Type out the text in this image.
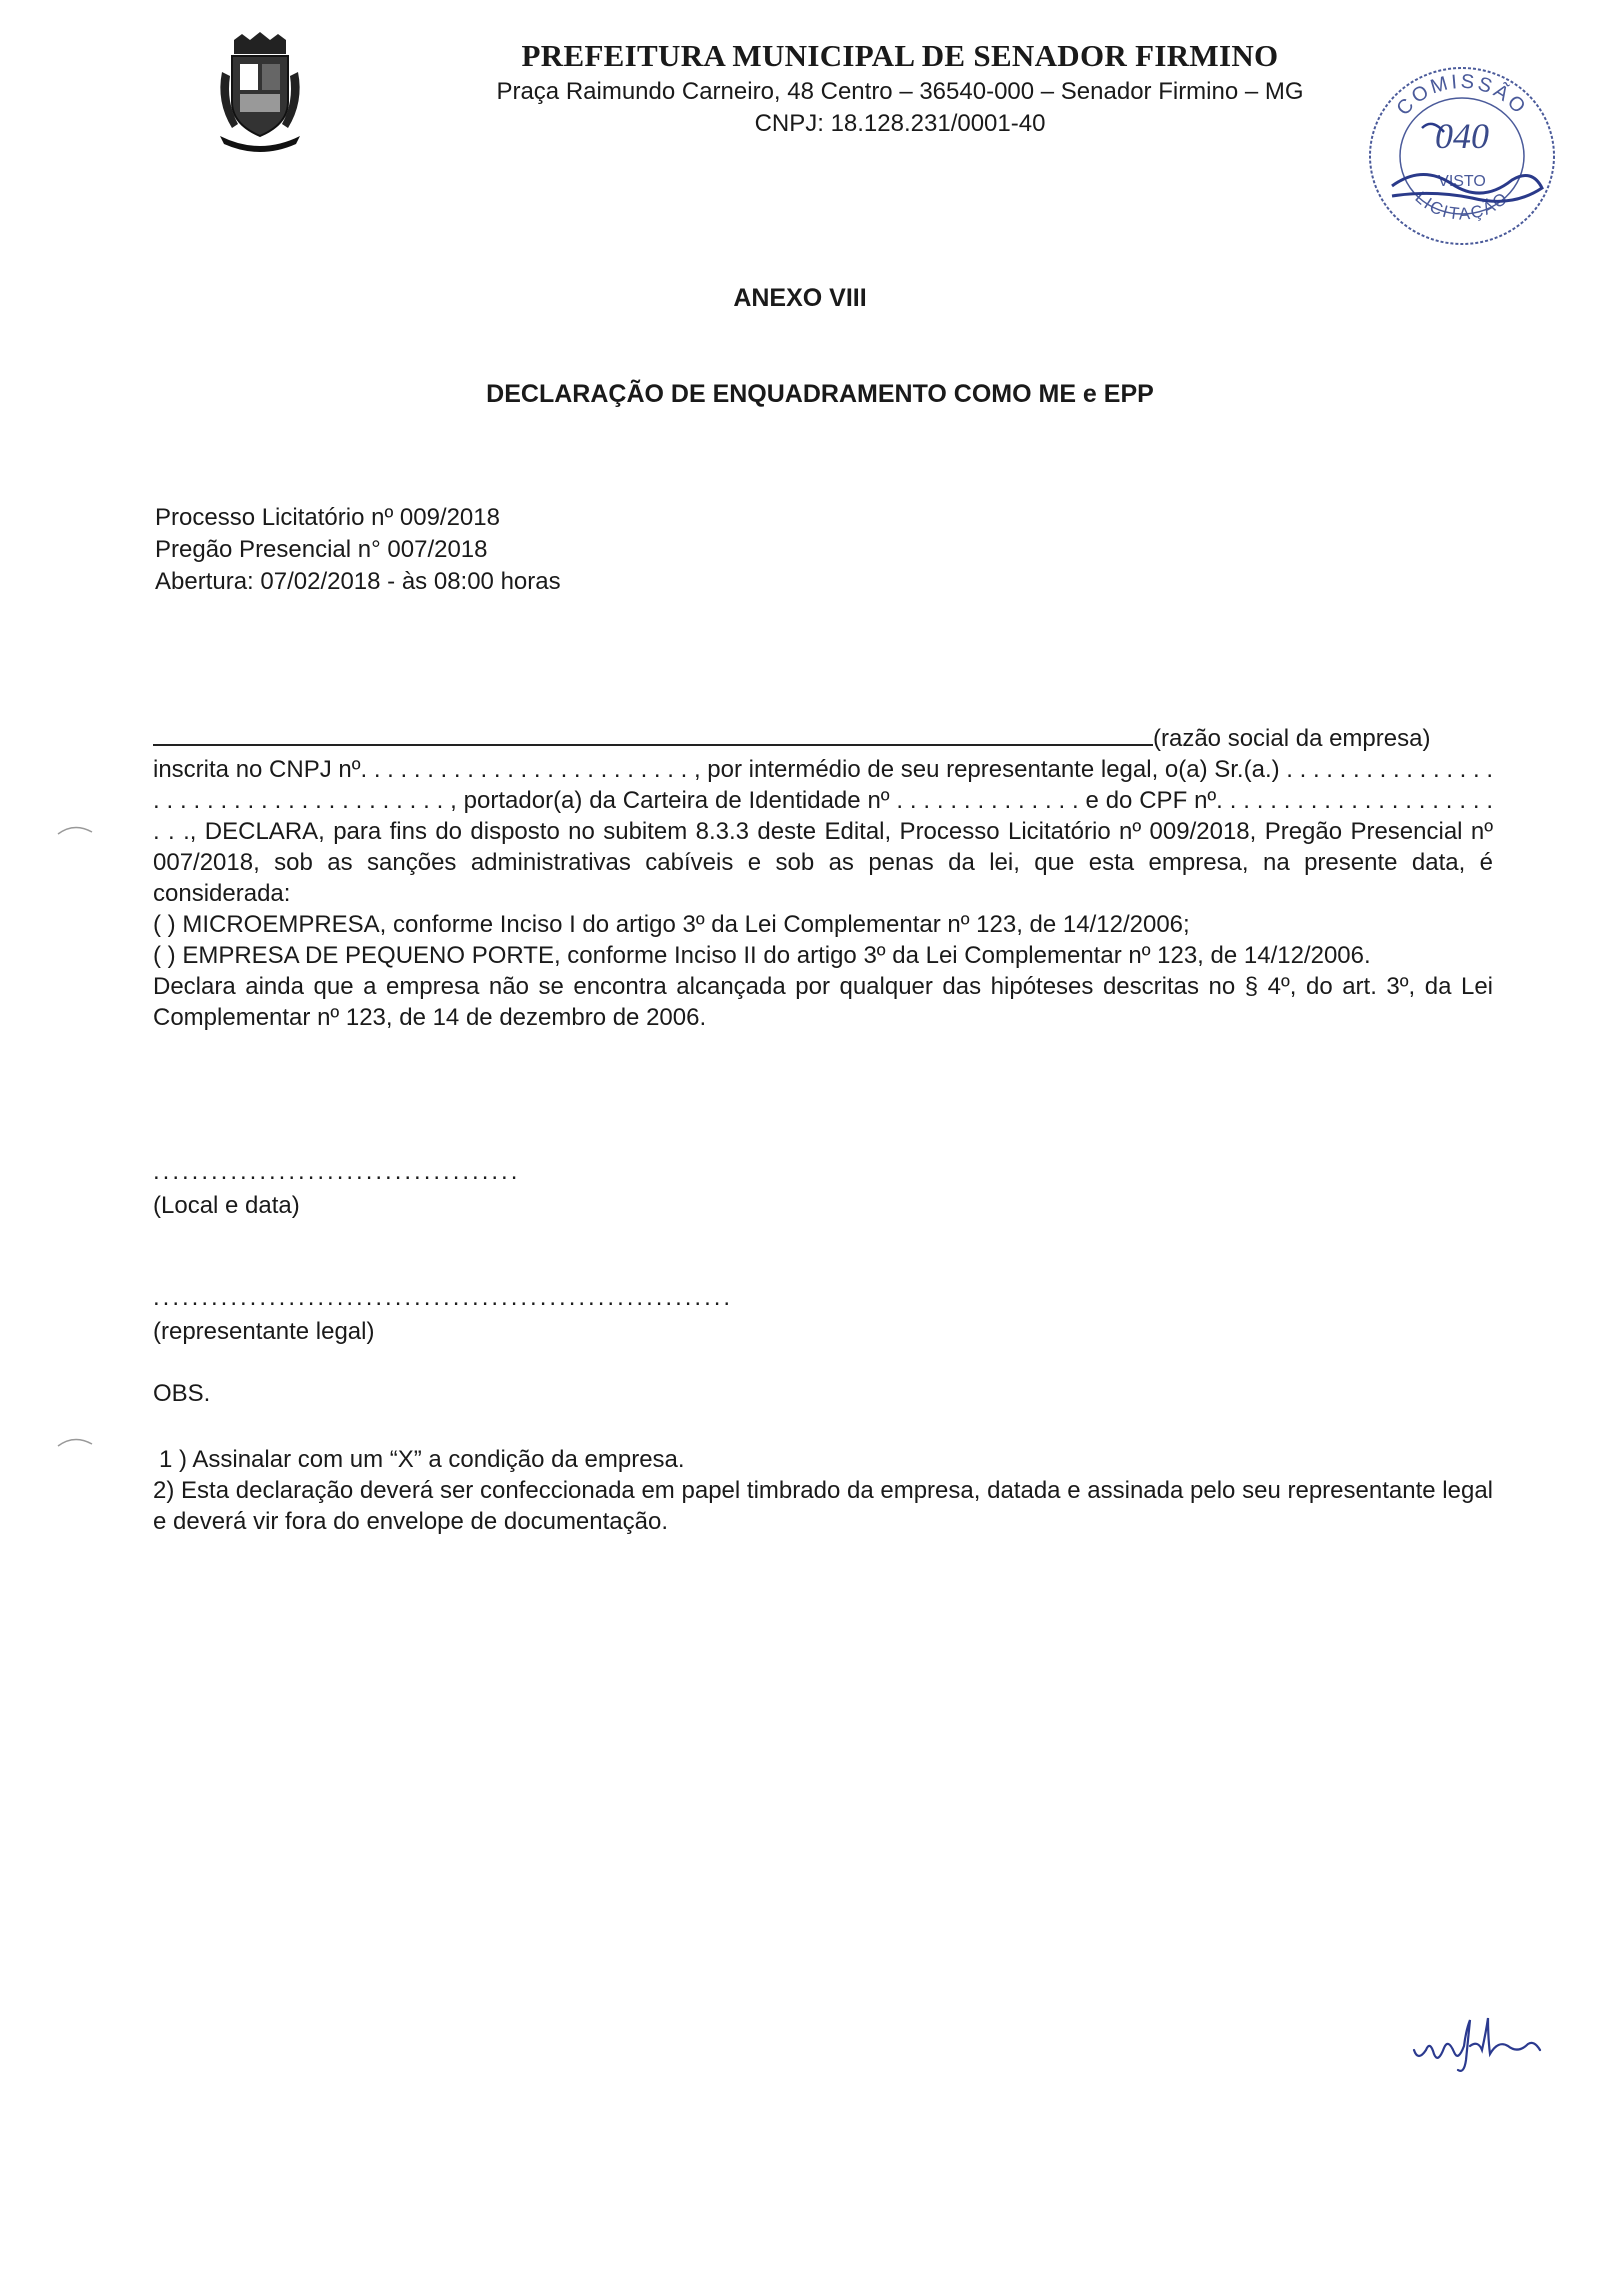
PREFEITURA MUNICIPAL DE SENADOR FIRMINO
Praça Raimundo Carneiro, 48 Centro – 36540-000 – Senador Firmino – MG
CNPJ: 18.128.231/0001-40
COMISSÃO
LICITAÇÃO
040
VISTO
ANEXO VIII
DECLARAÇÃO DE ENQUADRAMENTO COMO ME e EPP
Processo Licitatório nº 009/2018
Pregão Presencial n° 007/2018
Abertura: 07/02/2018 - às 08:00 horas

(razão social da empresa)

inscrita no CNPJ nº. . . . . . . . . . . . . . . . . . . . . . . . . , por intermédio de seu representante legal, o(a) Sr.(a.) . . . . . . . . . . . . . . . . . . . . . . . . . . . . . . . . . . . . . . , portador(a) da Carteira de Identidade nº . . . . . . . . . . . . . . e do CPF nº. . . . . . . . . . . . . . . . . . . . . . . ., DECLARA, para fins do disposto no subitem 8.3.3 deste Edital, Processo Licitatório nº 009/2018, Pregão Presencial nº 007/2018, sob as sanções administrativas cabíveis e sob as penas da lei, que esta empresa, na presente data, é considerada:

( ) MICROEMPRESA, conforme Inciso I do artigo 3º da Lei Complementar nº 123, de 14/12/2006;

( ) EMPRESA DE PEQUENO PORTE, conforme Inciso II do artigo 3º da Lei Complementar nº 123, de 14/12/2006.

Declara ainda que a empresa não se encontra alcançada por qualquer das hipóteses descritas no § 4º, do art. 3º, da Lei Complementar nº 123, de 14 de dezembro de 2006.

......................................
(Local e data)
............................................................
(representante legal)
OBS.

1 ) Assinalar com um “X” a condição da empresa.

2) Esta declaração deverá ser confeccionada em papel timbrado da empresa, datada e assinada pelo seu representante legal e deverá vir fora do envelope de documentação.
